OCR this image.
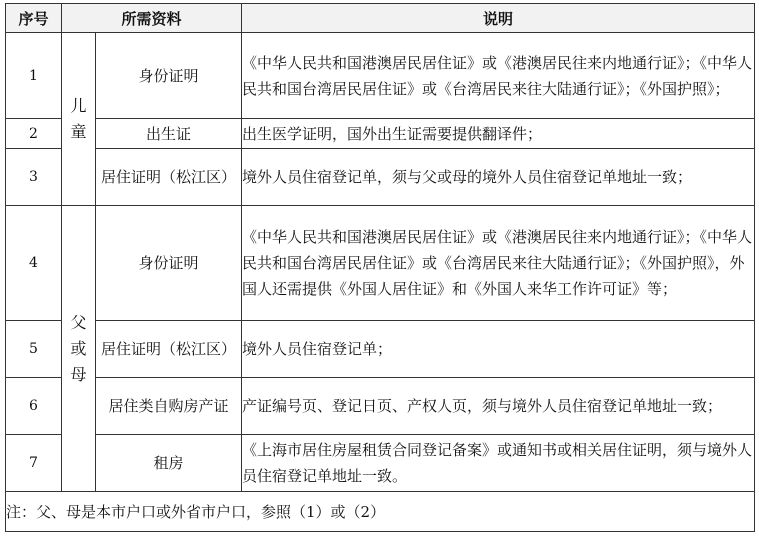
序号	所需资料		说明
1	儿童	身份证明	《中华人民共和国港澳居民居住证》或《港澳居民往来内地通行证》；《中华人民共和国台湾居民居住证》或《台湾居民来往大陆通行证》；《外国护照》；
2		出生证	出生医学证明，国外出生证需要提供翻译件；
3		居住证明（松江区）	境外人员住宿登记单，须与父或母的境外人员住宿登记单地址一致；
4	父或母	身份证明	《中华人民共和国港澳居民居住证》或《港澳居民往来内地通行证》；《中华人民共和国台湾居民居住证》或《台湾居民来往大陆通行证》；《外国护照》，外国人还需提供《外国人居住证》和《外国人来华工作许可证》等；
5		居住证明（松江区）	境外人员住宿登记单；
6		居住类自购房产证	产证编号页、登记日页、产权人页，须与境外人员住宿登记单地址一致；
7		租房	《上海市居住房屋租赁合同登记备案》或通知书或相关居住证明，须与境外人员住宿登记单地址一致。
注：父、母是本市户口或外省市户口，参照（1）或（2）			
